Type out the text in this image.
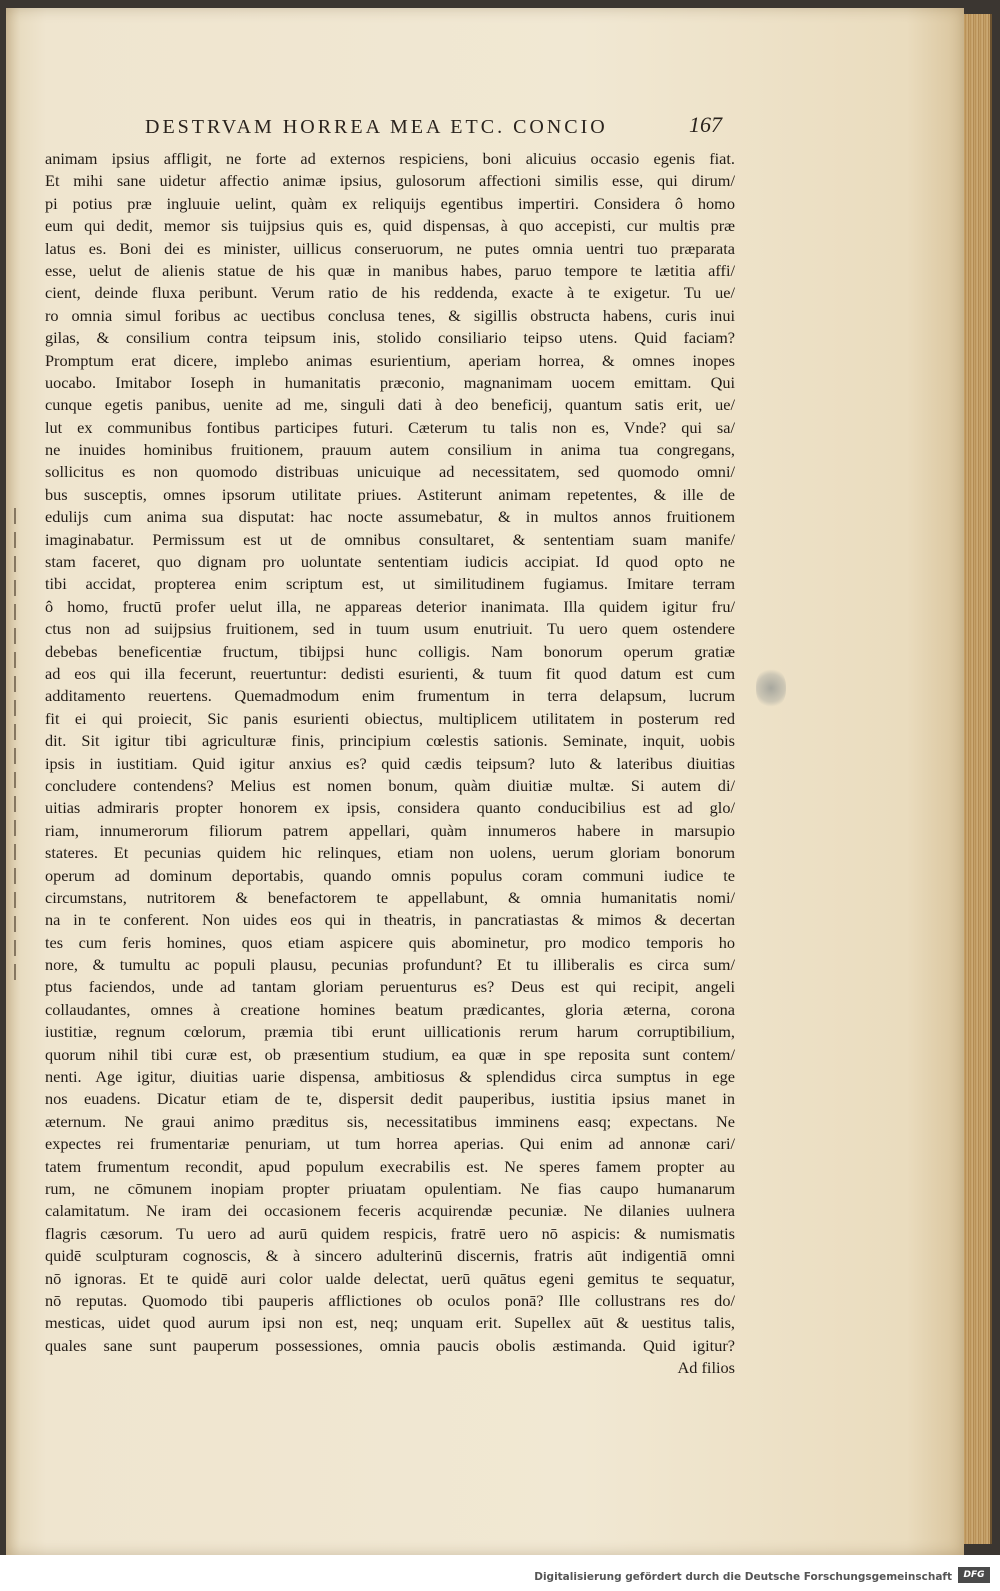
DESTRVAM HORREA MEA ETC. CONCIO	167
animam ipsius affligit, ne forte ad externos respiciens, boni alicuius occasio egenis fiat.
Et mihi sane uidetur affectio animæ ipsius, gulosorum affectioni similis esse, qui dirum/
pi potius præ ingluuie uelint, quàm ex reliquijs egentibus impertiri. Considera ô homo
eum qui dedit, memor sis tuijpsius quis es, quid dispensas, à quo accepisti, cur multis præ
latus es. Boni dei es minister, uillicus conseruorum, ne putes omnia uentri tuo præparata
esse, uelut de alienis statue de his quæ in manibus habes, paruo tempore te lætitia affi/
cient, deinde fluxa peribunt. Verum ratio de his reddenda, exacte à te exigetur. Tu ue/
ro omnia simul foribus ac uectibus conclusa tenes, & sigillis obstructa habens, curis inui
gilas, & consilium contra teipsum inis, stolido consiliario teipso utens. Quid faciam?
Promptum erat dicere, implebo animas esurientium, aperiam horrea, & omnes inopes
uocabo. Imitabor Ioseph in humanitatis præconio, magnanimam uocem emittam. Qui
cunque egetis panibus, uenite ad me, singuli dati à deo beneficij, quantum satis erit, ue/
lut ex communibus fontibus participes futuri. Cæterum tu talis non es, Vnde? qui sa/
ne inuides hominibus fruitionem, prauum autem consilium in anima tua congregans,
sollicitus es non quomodo distribuas unicuique ad necessitatem, sed quomodo omni/
bus susceptis, omnes ipsorum utilitate priues. Astiterunt animam repetentes, & ille de
edulijs cum anima sua disputat: hac nocte assumebatur, & in multos annos fruitionem
imaginabatur. Permissum est ut de omnibus consultaret, & sententiam suam manife/
stam faceret, quo dignam pro uoluntate sententiam iudicis accipiat. Id quod opto ne
tibi accidat, propterea enim scriptum est, ut similitudinem fugiamus. Imitare terram
ô homo, fructū profer uelut illa, ne appareas deterior inanimata. Illa quidem igitur fru/
ctus non ad suijpsius fruitionem, sed in tuum usum enutriuit. Tu uero quem ostendere
debebas beneficentiæ fructum, tibijpsi hunc colligis. Nam bonorum operum gratiæ
ad eos qui illa fecerunt, reuertuntur: dedisti esurienti, & tuum fit quod datum est cum
additamento reuertens. Quemadmodum enim frumentum in terra delapsum, lucrum
fit ei qui proiecit, Sic panis esurienti obiectus, multiplicem utilitatem in posterum red
dit. Sit igitur tibi agriculturæ finis, principium cœlestis sationis. Seminate, inquit, uobis
ipsis in iustitiam. Quid igitur anxius es? quid cædis teipsum? luto & lateribus diuitias
concludere contendens? Melius est nomen bonum, quàm diuitiæ multæ. Si autem di/
uitias admiraris propter honorem ex ipsis, considera quanto conducibilius est ad glo/
riam, innumerorum filiorum patrem appellari, quàm innumeros habere in marsupio
stateres. Et pecunias quidem hic relinques, etiam non uolens, uerum gloriam bonorum
operum ad dominum deportabis, quando omnis populus coram communi iudice te
circumstans, nutritorem & benefactorem te appellabunt, & omnia humanitatis nomi/
na in te conferent. Non uides eos qui in theatris, in pancratiastas & mimos & decertan
tes cum feris homines, quos etiam aspicere quis abominetur, pro modico temporis ho
nore, & tumultu ac populi plausu, pecunias profundunt? Et tu illiberalis es circa sum/
ptus faciendos, unde ad tantam gloriam peruenturus es? Deus est qui recipit, angeli
collaudantes, omnes à creatione homines beatum prædicantes, gloria æterna, corona
iustitiæ, regnum cœlorum, præmia tibi erunt uillicationis rerum harum corruptibilium,
quorum nihil tibi curæ est, ob præsentium studium, ea quæ in spe reposita sunt contem/
nenti. Age igitur, diuitias uarie dispensa, ambitiosus & splendidus circa sumptus in ege
nos euadens. Dicatur etiam de te, dispersit dedit pauperibus, iustitia ipsius manet in
æternum. Ne graui animo præditus sis, necessitatibus imminens easq; expectans. Ne
expectes rei frumentariæ penuriam, ut tum horrea aperias. Qui enim ad annonæ cari/
tatem frumentum recondit, apud populum execrabilis est. Ne speres famem propter au
rum, ne cōmunem inopiam propter priuatam opulentiam. Ne fias caupo humanarum
calamitatum. Ne iram dei occasionem feceris acquirendæ pecuniæ. Ne dilanies uulnera
flagris cæsorum. Tu uero ad aurū quidem respicis, fratrē uero nō aspicis: & numismatis
quidē sculpturam cognoscis, & à sincero adulterinū discernis, fratris aūt indigentiā omni
nō ignoras. Et te quidē auri color ualde delectat, uerū quātus egeni gemitus te sequatur,
nō reputas. Quomodo tibi pauperis afflictiones ob oculos ponā? Ille collustrans res do/
mesticas, uidet quod aurum ipsi non est, neq; unquam erit. Supellex aūt & uestitus talis,
quales sane sunt pauperum possessiones, omnia paucis obolis æstimanda. Quid igitur?
Ad filios
Digitalisierung gefördert durch die Deutsche Forschungsgemeinschaft	DFG
